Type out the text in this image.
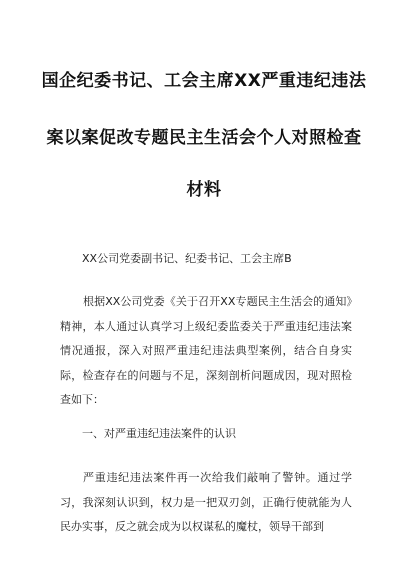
国企纪委书记、工会主席XX严重违纪违法
案以案促改专题民主生活会个人对照检查
材料
XX公司党委副书记、纪委书记、工会主席B
根据XX公司党委《关于召开XX专题民主生活会的通知》精神，本人通过认真学习上级纪委监委关于严重违纪违法案情况通报，深入对照严重违纪违法典型案例，结合自身实际，检查存在的问题与不足，深刻剖析问题成因，现对照检查如下：
一、对严重违纪违法案件的认识
严重违纪违法案件再一次给我们敲响了警钟。通过学习，我深刻认识到，权力是一把双刃剑，正确行使就能为人民办实事，反之就会成为以权谋私的魔杖，领导干部到
